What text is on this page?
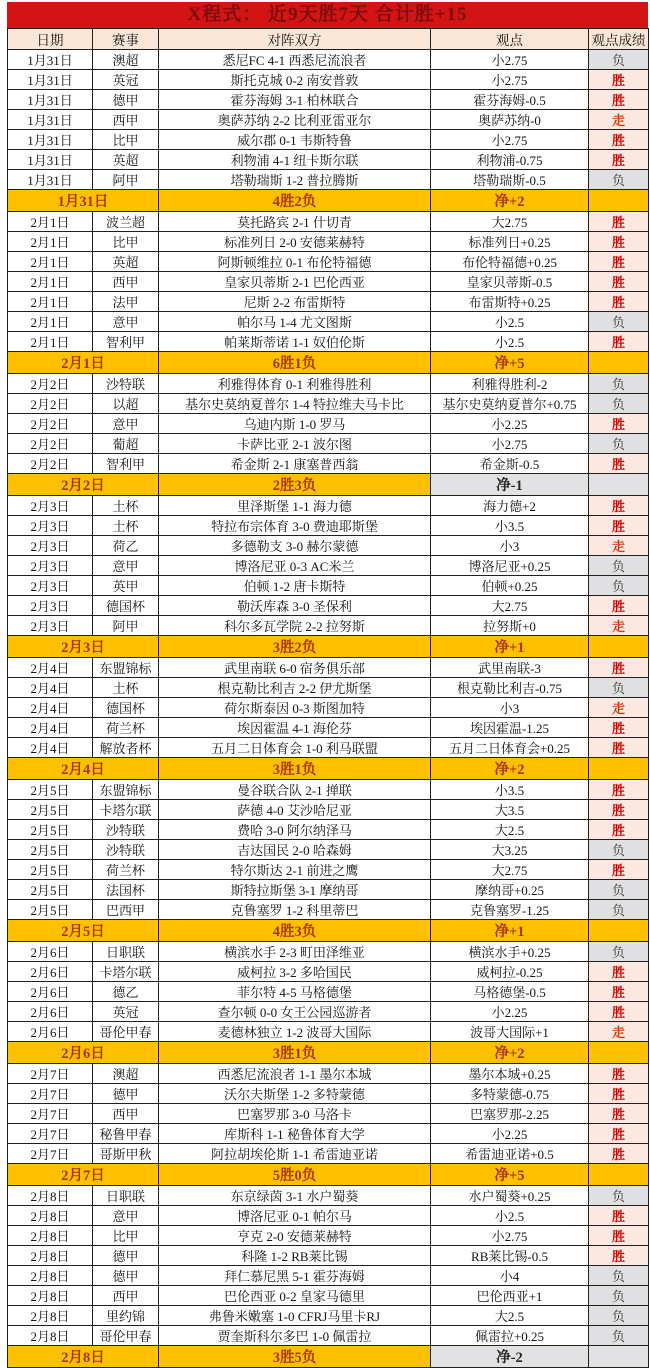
X程式： 近9天胜7天 合计胜+15
日期	赛事	对阵双方	观点	观点成绩
1月31日	澳超	悉尼FC 4-1 西悉尼流浪者	小2.75	负
1月31日	英冠	斯托克城 0-2 南安普敦	小2.75	胜
1月31日	德甲	霍芬海姆 3-1 柏林联合	霍芬海姆-0.5	胜
1月31日	西甲	奥萨苏纳 2-2 比利亚雷亚尔	奥萨苏纳-0	走
1月31日	比甲	威尔郡 0-1 韦斯特鲁	小2.75	胜
1月31日	英超	利物浦 4-1 纽卡斯尔联	利物浦-0.75	胜
1月31日	阿甲	塔勒瑞斯 1-2 普拉腾斯	塔勒瑞斯-0.5	负
1月31日		4胜2负	净+2	
2月1日	波兰超	莫托路宾 2-1 什切青	大2.75	胜
2月1日	比甲	标准列日 2-0 安德莱赫特	标准列日+0.25	胜
2月1日	英超	阿斯顿维拉 0-1 布伦特福德	布伦特福德+0.25	胜
2月1日	西甲	皇家贝蒂斯 2-1 巴伦西亚	皇家贝蒂斯-0.5	胜
2月1日	法甲	尼斯 2-2 布雷斯特	布雷斯特+0.25	胜
2月1日	意甲	帕尔马 1-4 尤文图斯	小2.5	负
2月1日	智利甲	帕莱斯蒂诺 1-1 奴伯伦斯	小2.5	胜
2月1日		6胜1负	净+5	
2月2日	沙特联	利雅得体育 0-1 利雅得胜利	利雅得胜利-2	负
2月2日	以超	基尔史莫纳夏普尔 1-4 特拉维夫马卡比	基尔史莫纳夏普尔+0.75	负
2月2日	意甲	乌迪内斯 1-0 罗马	小2.25	胜
2月2日	葡超	卡萨比亚 2-1 波尔图	小2.75	负
2月2日	智利甲	希金斯 2-1 康塞普西翁	希金斯-0.5	胜
2月2日		2胜3负	净-1	
2月3日	土杯	里泽斯堡 1-1 海力德	海力德+2	胜
2月3日	土杯	特拉布宗体育 3-0 费迪耶斯堡	小3.5	胜
2月3日	荷乙	多德勒支 3-0 赫尔蒙德	小3	走
2月3日	意甲	博洛尼亚 0-3 AC米兰	博洛尼亚+0.25	负
2月3日	英甲	伯顿 1-2 唐卡斯特	伯顿+0.25	负
2月3日	德国杯	勒沃库森 3-0 圣保利	大2.75	胜
2月3日	阿甲	科尔多瓦学院 2-2 拉努斯	拉努斯+0	走
2月3日		3胜2负	净+1	
2月4日	东盟锦标	武里南联 6-0 宿务俱乐部	武里南联-3	胜
2月4日	土杯	根克勒比利吉 2-2 伊尤斯堡	根克勒比利吉-0.75	负
2月4日	德国杯	荷尔斯泰因 0-3 斯图加特	小3	走
2月4日	荷兰杯	埃因霍温 4-1 海伦芬	埃因霍温-1.25	胜
2月4日	解放者杯	五月二日体育会 1-0 利马联盟	五月二日体育会+0.25	胜
2月4日		3胜1负	净+2	
2月5日	东盟锦标	曼谷联合队 2-1 掸联	小3.5	胜
2月5日	卡塔尔联	萨德 4-0 艾沙哈尼亚	大3.5	胜
2月5日	沙特联	费哈 3-0 阿尔纳泽马	大2.5	胜
2月5日	沙特联	吉达国民 2-0 哈森姆	大3.25	负
2月5日	荷兰杯	特尔斯达 2-1 前进之鹰	大2.75	胜
2月5日	法国杯	斯特拉斯堡 3-1 摩纳哥	摩纳哥+0.25	负
2月5日	巴西甲	克鲁塞罗 1-2 科里蒂巴	克鲁塞罗-1.25	负
2月5日		4胜3负	净+1	
2月6日	日职联	横滨水手 2-3 町田泽维亚	横滨水手+0.25	负
2月6日	卡塔尔联	威柯拉 3-2 多哈国民	威柯拉-0.25	胜
2月6日	德乙	菲尔特 4-5 马格德堡	马格德堡-0.5	胜
2月6日	英冠	查尔顿 0-0 女王公园巡游者	小2.25	胜
2月6日	哥伦甲春	麦德林独立 1-2 波哥大国际	波哥大国际+1	走
2月6日		3胜1负	净+2	
2月7日	澳超	西悉尼流浪者 1-1 墨尔本城	墨尔本城+0.25	胜
2月7日	德甲	沃尔夫斯堡 1-2 多特蒙德	多特蒙德-0.75	胜
2月7日	西甲	巴塞罗那 3-0 马洛卡	巴塞罗那-2.25	胜
2月7日	秘鲁甲春	库斯科 1-1 秘鲁体育大学	小2.25	胜
2月7日	哥斯甲秋	阿拉胡埃伦斯 1-1 希雷迪亚诺	希雷迪亚诺+0.5	胜
2月7日		5胜0负	净+5	
2月8日	日职联	东京绿茵 3-1 水户蜀葵	水户蜀葵+0.25	负
2月8日	意甲	博洛尼亚 0-1 帕尔马	小2.5	胜
2月8日	比甲	亨克 2-0 安德莱赫特	小2.75	胜
2月8日	德甲	科隆 1-2 RB莱比锡	RB莱比锡-0.5	胜
2月8日	德甲	拜仁慕尼黑 5-1 霍芬海姆	小4	负
2月8日	西甲	巴伦西亚 0-2 皇家马德里	巴伦西亚+1	负
2月8日	里约锦	弗鲁米嫩塞 1-0 CFRJ马里卡RJ	大2.5	负
2月8日	哥伦甲春	贾奎斯科尔多巴 1-0 佩雷拉	佩雷拉+0.25	负
2月8日		3胜5负	净-2	
